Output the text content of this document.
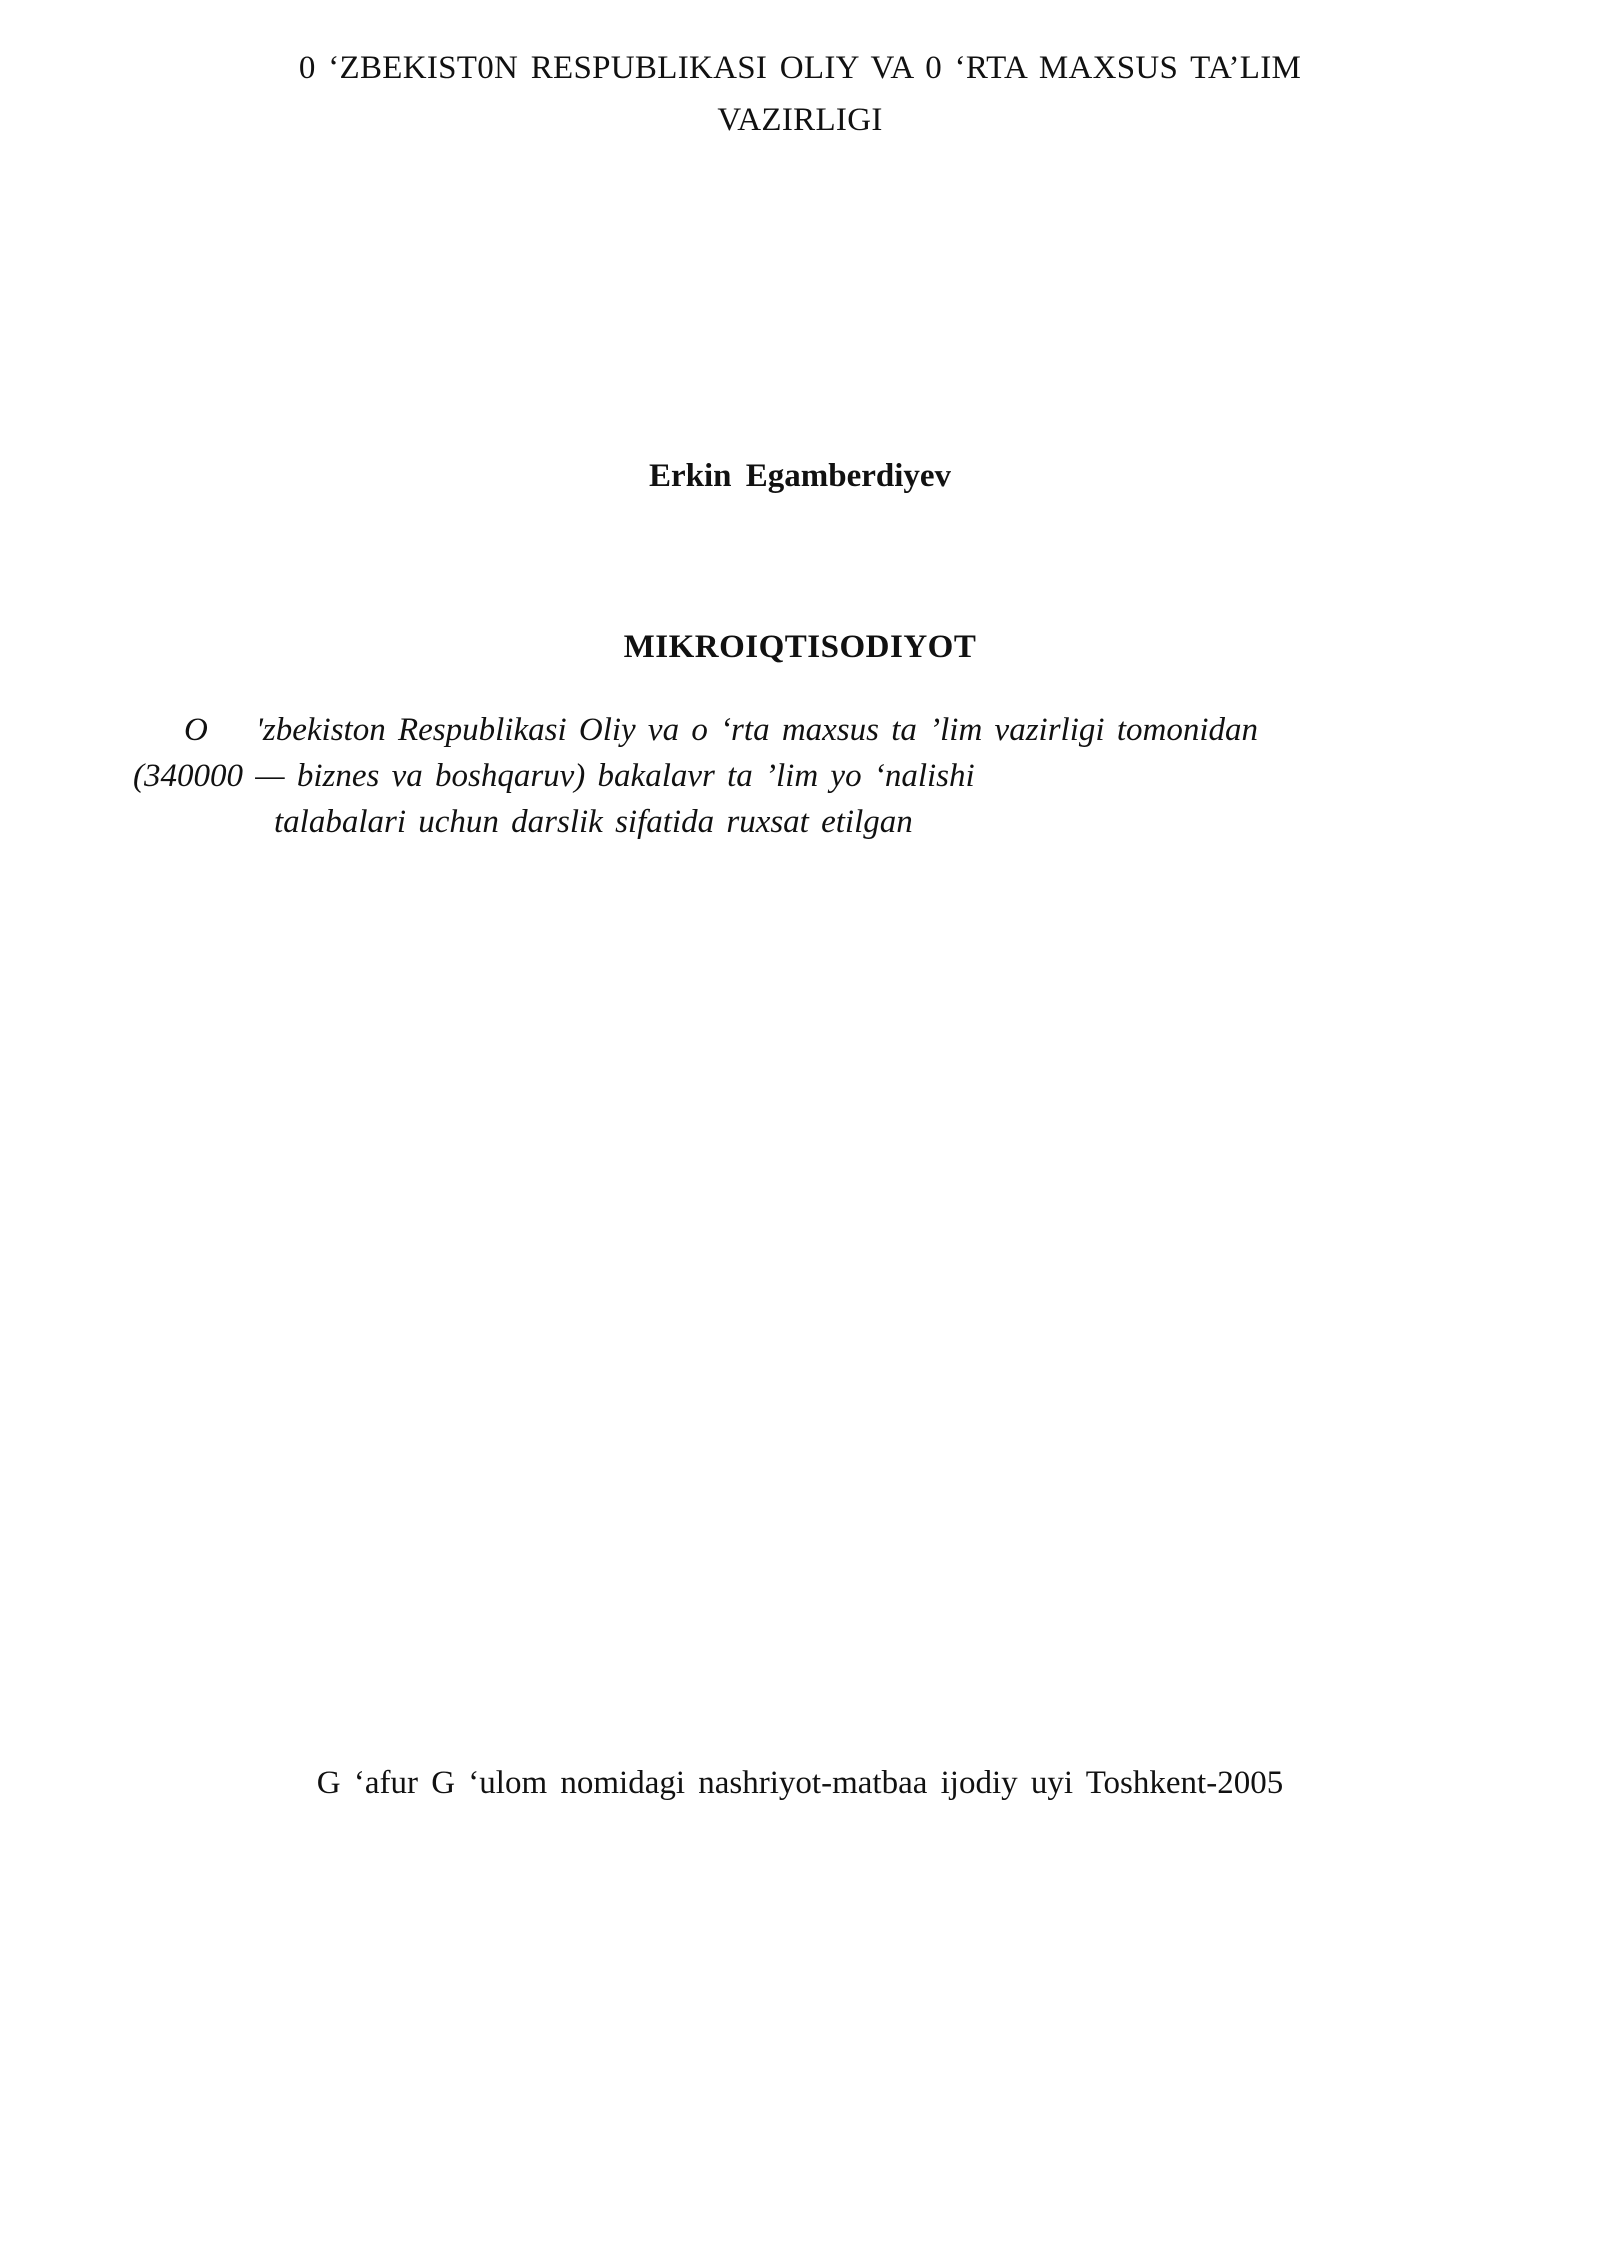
0 ‘ZBEKIST0N RESPUBLIKASI OLIY VA 0 ‘RTA MAXSUS TA’LIM
VAZIRLIGI
Erkin Egamberdiyev
MIKROIQTISODIYOT
O 'zbekiston Respublikasi Oliy va o ‘rta maxsus ta ’lim vazirligi tomonidan
(340000 — biznes va boshqaruv) bakalavr ta ’lim yo ‘nalishi
talabalari uchun darslik sifatida ruxsat etilgan
G ‘afur G ‘ulom nomidagi nashriyot-matbaa ijodiy uyi Toshkent-2005
